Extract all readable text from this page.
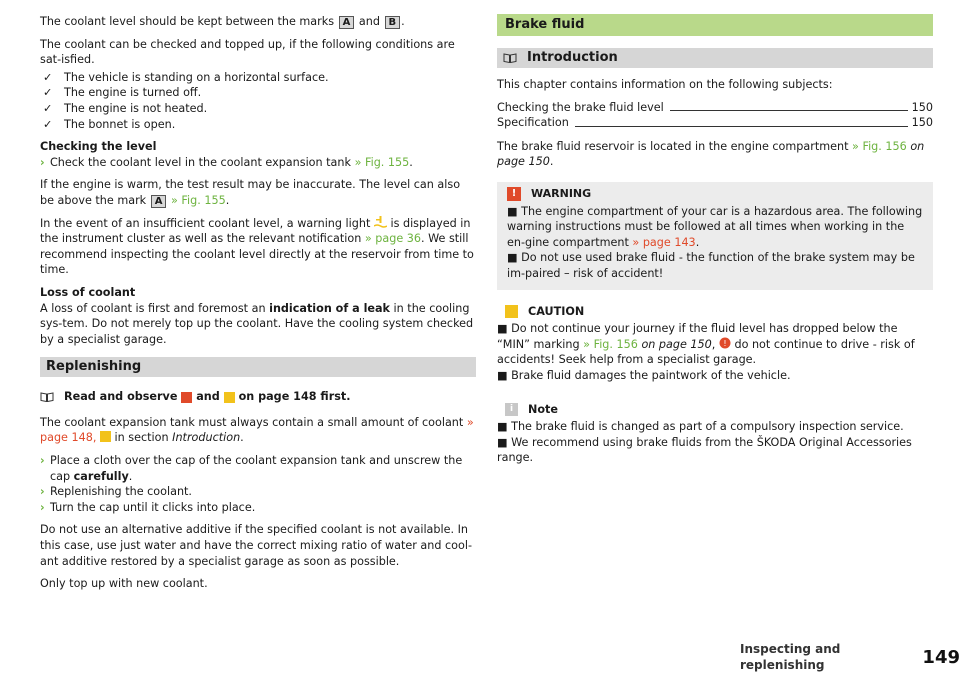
The coolant level should be kept between the marks A and B .

The coolant can be checked and topped up, if the following conditions are sat-isfied.

✓ The vehicle is standing on a horizontal surface.
✓ The engine is turned off.
✓ The engine is not heated.
✓ The bonnet is open.
Checking the level

› Check the coolant level in the coolant expansion tank » Fig. 155.

If the engine is warm, the test result may be inaccurate. The level can also be above the mark A » Fig. 155.

In the event of an insufficient coolant level, a warning light is displayed in the instrument cluster as well as the relevant notification » page 36. We still recommend inspecting the coolant level directly at the reservoir from time to time.

Loss of coolant

A loss of coolant is first and foremost an indication of a leak in the cooling sys-tem. Do not merely top up the coolant. Have the cooling system checked by a specialist garage.

Replenishing
Read and observe

and

on page 148 first.

The coolant expansion tank must always contain a small amount of coolant » page 148, in section Introduction.

› Place a cloth over the cap of the coolant expansion tank and unscrew the cap carefully.

› Replenishing the coolant.

› Turn the cap until it clicks into place.

Do not use an alternative additive if the specified coolant is not available. In this case, use just water and have the correct mixing ratio of water and cool-ant additive restored by a specialist garage as soon as possible.

Only top up with new coolant.

Brake fluid
Introduction

This chapter contains information on the following subjects:

Checking the brake fluid level	150
Specification	150

The brake fluid reservoir is located in the engine compartment » Fig. 156 on page 150.

!	WARNING

■ The engine compartment of your car is a hazardous area. The following warning instructions must be followed at all times when working in the en-gine compartment » page 143.

■ Do not use used brake fluid - the function of the brake system may be im-paired – risk of accident!

CAUTION

■ Do not continue your journey if the fluid level has dropped below the “MIN” marking » Fig. 156 on page 150, ! do not continue to drive - risk of accidents! Seek help from a specialist garage.

■ Brake fluid damages the paintwork of the vehicle.

i	Note

■ The brake fluid is changed as part of a compulsory inspection service.

■ We recommend using brake fluids from the ŠKODA Original Accessories range.

Inspecting and replenishing	149
